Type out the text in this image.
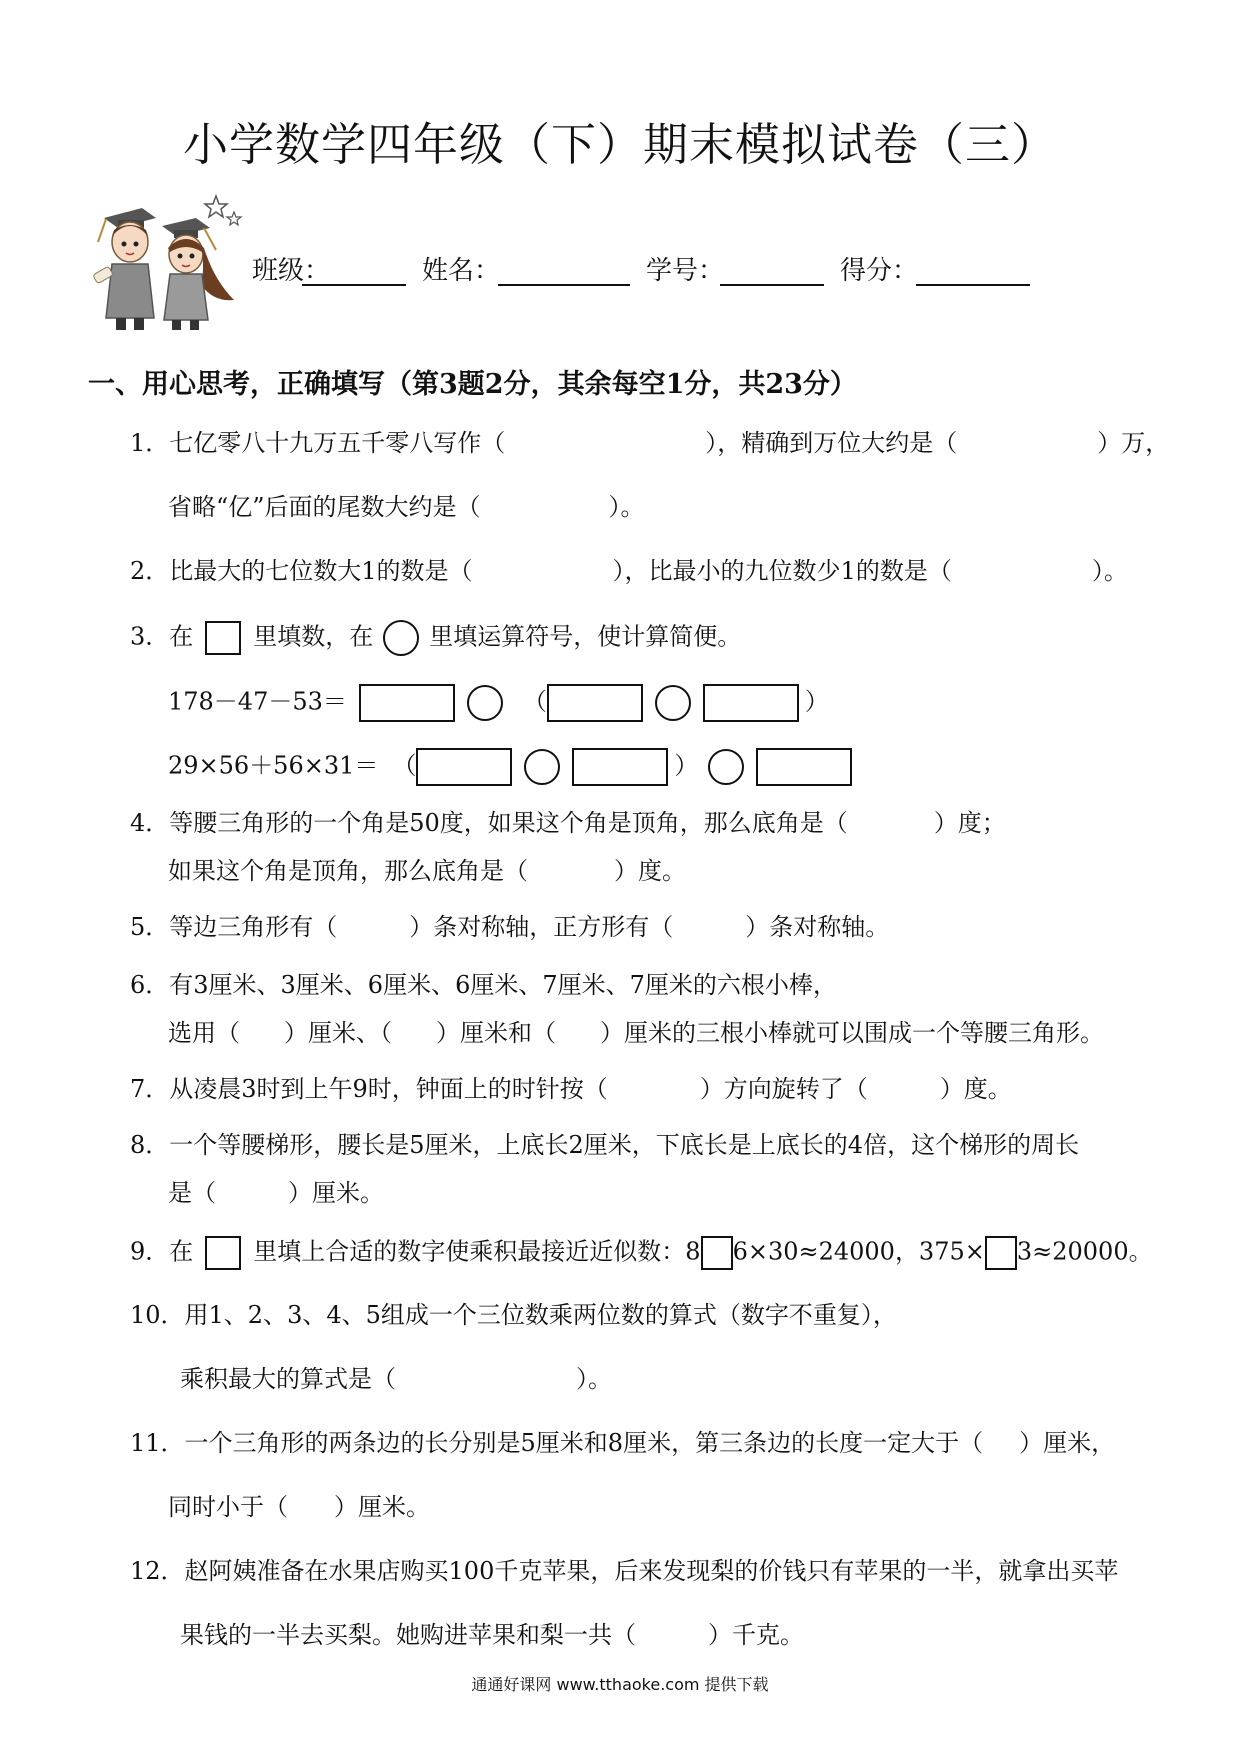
小学数学四年级（下）期末模拟试卷（三）
班级：	姓名：	学号：	得分：
一、用心思考，正确填写（第3题2分，其余每空1分，共23分）
1．七亿零八十九万五千零八写作（	），精确到万位大约是（	）万，
省略“亿”后面的尾数大约是（	）。
2．比最大的七位数大1的数是（	），比最小的九位数少1的数是（	）。
3．在	里填数，在 里填运算符号，使计算简便。
178－47－53＝	（	）
29×56＋56×31＝ （	）
4．等腰三角形的一个角是50度，如果这个角是顶角，那么底角是（	）度；
如果这个角是顶角，那么底角是（	）度。
5．等边三角形有（	）条对称轴，正方形有（	）条对称轴。
6．有3厘米、3厘米、6厘米、6厘米、7厘米、7厘米的六根小棒，
选用（ ）厘米、（ ）厘米和（ ）厘米的三根小棒就可以围成一个等腰三角形。
7．从凌晨3时到上午9时，钟面上的时针按（	）方向旋转了（	）度。
8．一个等腰梯形，腰长是5厘米，上底长2厘米，下底长是上底长的4倍，这个梯形的周长
是（	）厘米。
9．在	里填上合适的数字使乘积最接近近似数：8 6×30≈24000，375× 3≈20000。
10．用1、2、3、4、5组成一个三位数乘两位数的算式（数字不重复），
乘积最大的算式是（	）。
11．一个三角形的两条边的长分别是5厘米和8厘米，第三条边的长度一定大于（ ）厘米，
同时小于（ ）厘米。
12．赵阿姨准备在水果店购买100千克苹果，后来发现梨的价钱只有苹果的一半，就拿出买苹
果钱的一半去买梨。她购进苹果和梨一共（	）千克。
通通好课网 www.tthaoke.com 提供下载
